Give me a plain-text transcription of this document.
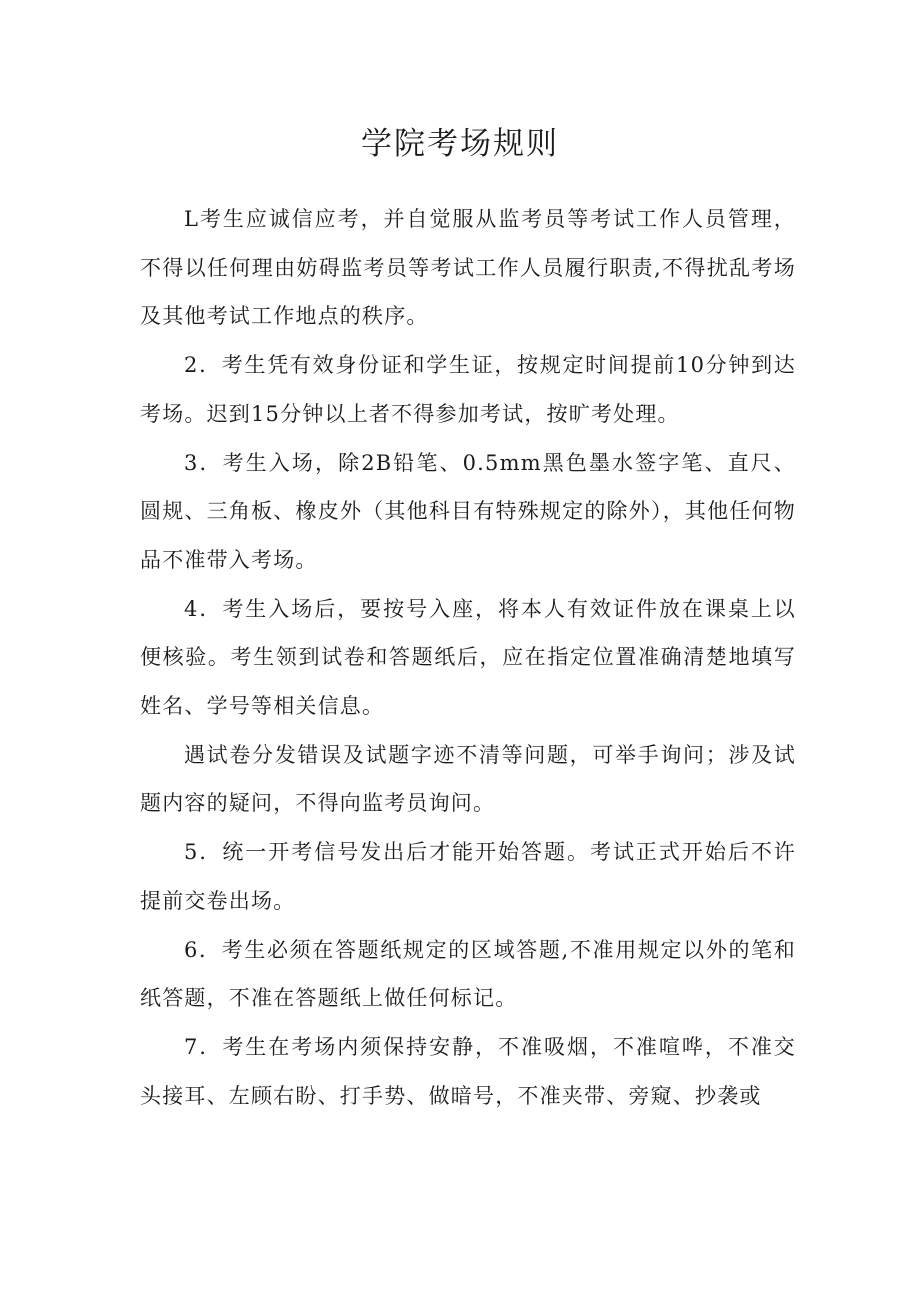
学院考场规则

L考生应诚信应考，并自觉服从监考员等考试工作人员管理，不得以任何理由妨碍监考员等考试工作人员履行职责,不得扰乱考场及其他考试工作地点的秩序。

2．考生凭有效身份证和学生证，按规定时间提前10分钟到达考场。迟到15分钟以上者不得参加考试，按旷考处理。

3．考生入场，除2B铅笔、0.5mm黑色墨水签字笔、直尺、圆规、三角板、橡皮外（其他科目有特殊规定的除外），其他任何物品不准带入考场。

4．考生入场后，要按号入座，将本人有效证件放在课桌上以便核验。考生领到试卷和答题纸后，应在指定位置准确清楚地填写姓名、学号等相关信息。

遇试卷分发错误及试题字迹不清等问题，可举手询问；涉及试题内容的疑问，不得向监考员询问。

5．统一开考信号发出后才能开始答题。考试正式开始后不许提前交卷出场。

6．考生必须在答题纸规定的区域答题,不准用规定以外的笔和纸答题，不准在答题纸上做任何标记。

7．考生在考场内须保持安静，不准吸烟，不准喧哗，不准交头接耳、左顾右盼、打手势、做暗号，不准夹带、旁窥、抄袭或
